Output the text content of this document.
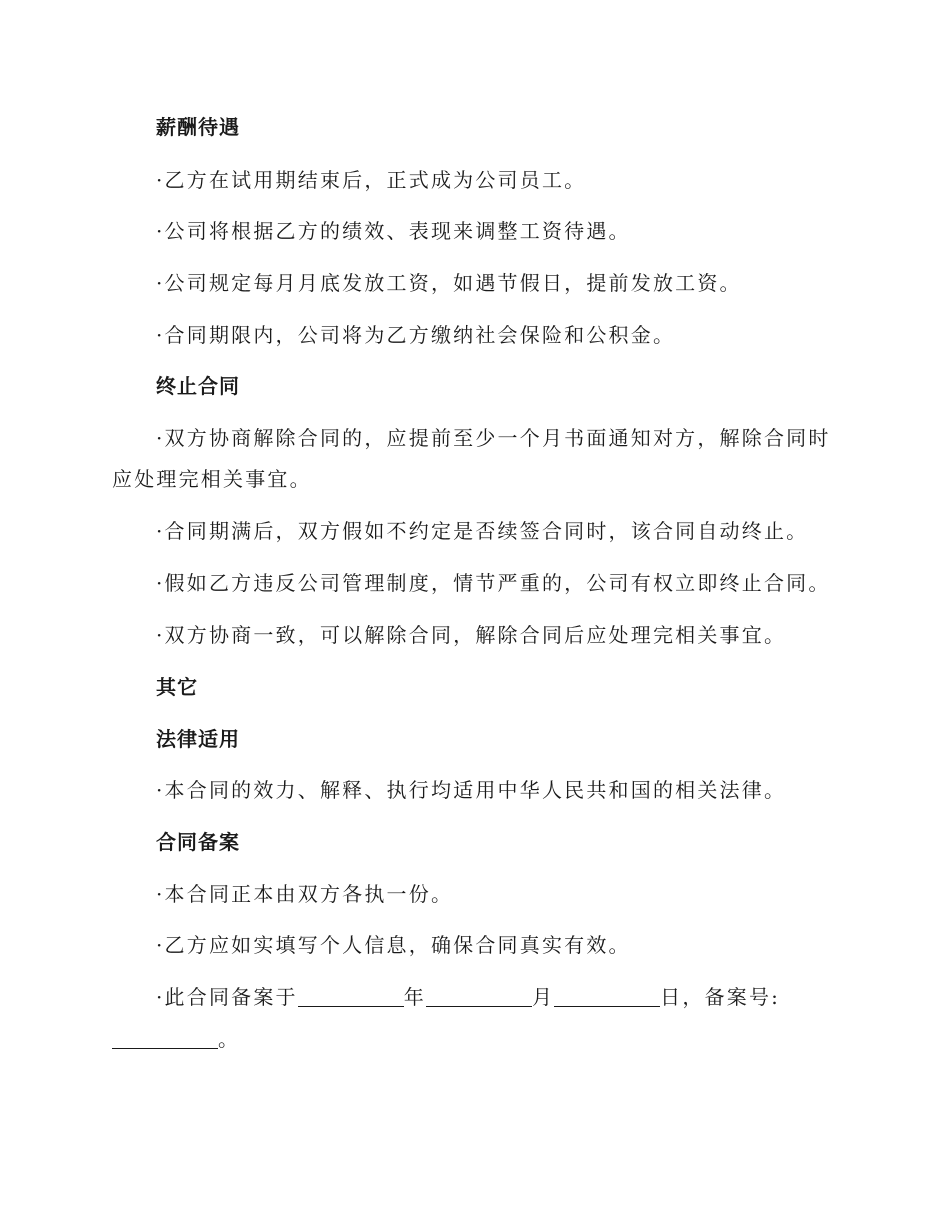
薪酬待遇
·乙方在试用期结束后，正式成为公司员工。
·公司将根据乙方的绩效、表现来调整工资待遇。
·公司规定每月月底发放工资，如遇节假日，提前发放工资。
·合同期限内，公司将为乙方缴纳社会保险和公积金。
终止合同
·双方协商解除合同的，应提前至少一个月书面通知对方，解除合同时
应处理完相关事宜。
·合同期满后，双方假如不约定是否续签合同时，该合同自动终止。
·假如乙方违反公司管理制度，情节严重的，公司有权立即终止合同。
·双方协商一致，可以解除合同，解除合同后应处理完相关事宜。
其它
法律适用
·本合同的效力、解释、执行均适用中华人民共和国的相关法律。
合同备案
·本合同正本由双方各执一份。
·乙方应如实填写个人信息，确保合同真实有效。
·此合同备案于	年	月	日，备案号:
。
